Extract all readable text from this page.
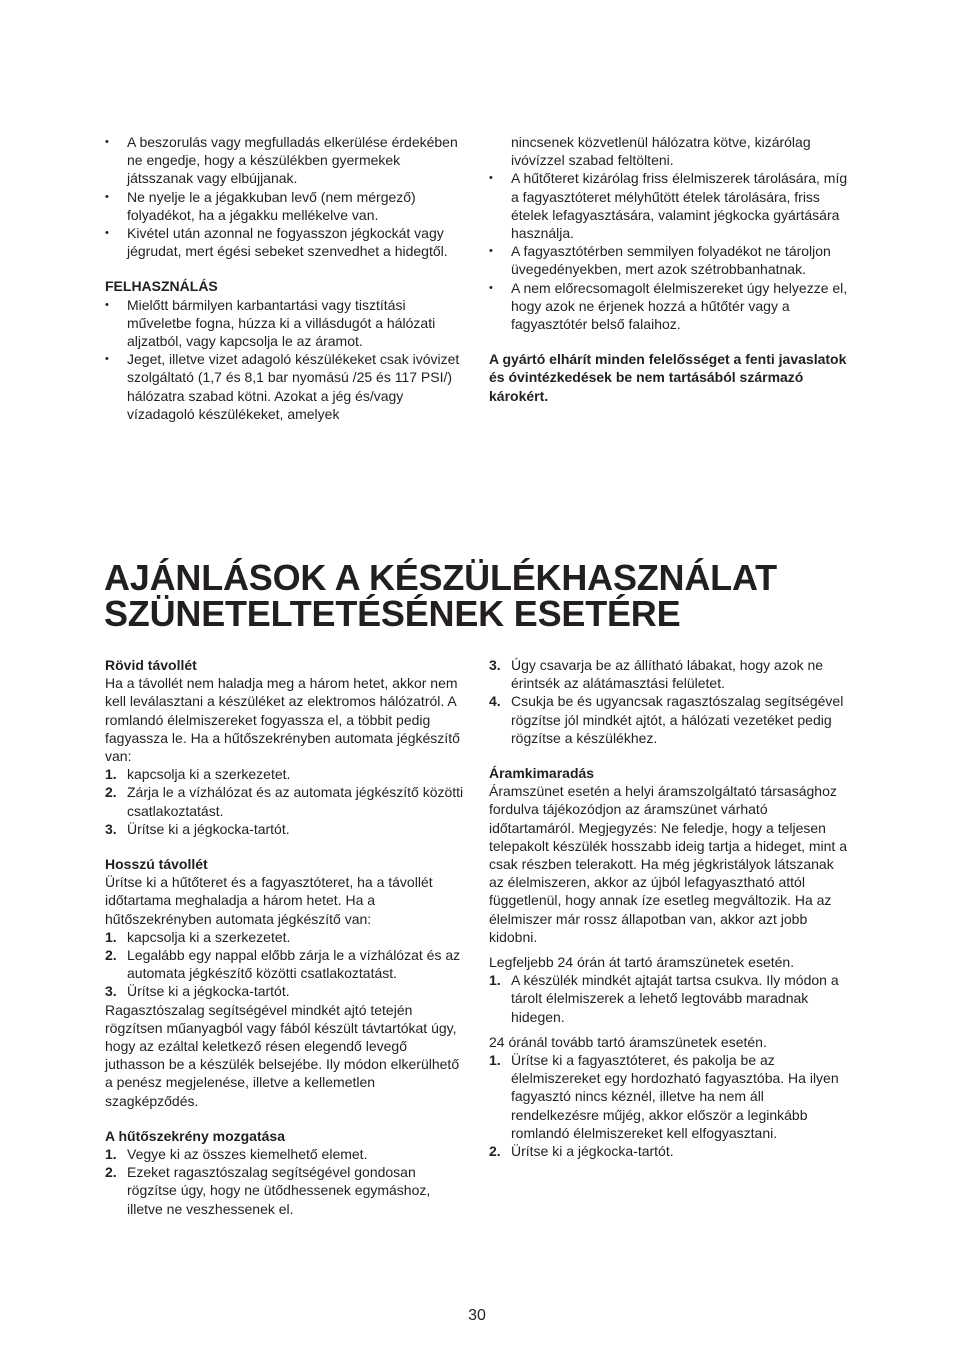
• A beszorulás vagy megfulladás elkerülése érdekében ne engedje, hogy a készülékben gyermekek játsszanak vagy elbújjanak.
• Ne nyelje le a jégakkuban levő (nem mérgező) folyadékot, ha a jégakku mellékelve van.
• Kivétel után azonnal ne fogyasszon jégkockát vagy jégrudat, mert égési sebeket szenvedhet a hidegtől.

FELHASZNÁLÁS

• Mielőtt bármilyen karbantartási vagy tisztítási műveletbe fogna, húzza ki a villásdugót a hálózati aljzatból, vagy kapcsolja le az áramot.
• Jeget, illetve vizet adagoló készülékeket csak ivóvizet szolgáltató (1,7 és 8,1 bar nyomású /25 és 117 PSI/) hálózatra szabad kötni. Azokat a jég és/vagy vízadagoló készülékeket, amelyek
nincsenek közvetlenül hálózatra kötve, kizárólag ivóvízzel szabad feltölteni.
• A hűtőteret kizárólag friss élelmiszerek tárolására, míg a fagyasztóteret mélyhűtött ételek tárolására, friss ételek lefagyasztására, valamint jégkocka gyártására használja.
• A fagyasztótérben semmilyen folyadékot ne tároljon üvegedényekben, mert azok szétrobbanhatnak.
• A nem előrecsomagolt élelmiszereket úgy helyezze el, hogy azok ne érjenek hozzá a hűtőtér vagy a fagyasztótér belső falaihoz.

A gyártó elhárít minden felelősséget a fenti javaslatok és óvintézkedések be nem tartásából származó károkért.

AJÁNLÁSOK A KÉSZÜLÉKHASZNÁLAT
SZÜNETELTETÉSÉNEK ESETÉRE

Rövid távollét

Ha a távollét nem haladja meg a három hetet, akkor nem kell leválasztani a készüléket az elektromos hálózatról. A romlandó élelmiszereket fogyassza el, a többit pedig fagyassza le. Ha a hűtőszekrényben automata jégkészítő van:

1. kapcsolja ki a szerkezetet.
2. Zárja le a vízhálózat és az automata jégkészítő közötti csatlakoztatást.
3. Ürítse ki a jégkocka-tartót.

Hosszú távollét

Ürítse ki a hűtőteret és a fagyasztóteret, ha a távollét időtartama meghaladja a három hetet. Ha a hűtőszekrényben automata jégkészítő van:

1. kapcsolja ki a szerkezetet.
2. Legalább egy nappal előbb zárja le a vízhálózat és az automata jégkészítő közötti csatlakoztatást.
3. Ürítse ki a jégkocka-tartót.

Ragasztószalag segítségével mindkét ajtó tetején rögzítsen műanyagból vagy fából készült távtartókat úgy, hogy az ezáltal keletkező résen elegendő levegő juthasson be a készülék belsejébe. Ily módon elkerülhető a penész megjelenése, illetve a kellemetlen szagképződés.

A hűtőszekrény mozgatása

1. Vegye ki az összes kiemelhető elemet.
2. Ezeket ragasztószalag segítségével gondosan rögzítse úgy, hogy ne ütődhessenek egymáshoz, illetve ne veszhessenek el.
3. Úgy csavarja be az állítható lábakat, hogy azok ne érintsék az alátámasztási felületet.
4. Csukja be és ugyancsak ragasztószalag segítségével rögzítse jól mindkét ajtót, a hálózati vezetéket pedig rögzítse a készülékhez.

Áramkimaradás

Áramszünet esetén a helyi áramszolgáltató társasághoz fordulva tájékozódjon az áramszünet várható időtartamáról. Megjegyzés: Ne feledje, hogy a teljesen telepakolt készülék hosszabb ideig tartja a hideget, mint a csak részben telerakott. Ha még jégkristályok látszanak az élelmiszeren, akkor az újból lefagyasztható attól függetlenül, hogy annak íze esetleg megváltozik. Ha az élelmiszer már rossz állapotban van, akkor azt jobb kidobni.

Legfeljebb 24 órán át tartó áramszünetek esetén.

1. A készülék mindkét ajtaját tartsa csukva. Ily módon a tárolt élelmiszerek a lehető legtovább maradnak hidegen.

24 óránál tovább tartó áramszünetek esetén.

1. Ürítse ki a fagyasztóteret, és pakolja be az élelmiszereket egy hordozható fagyasztóba. Ha ilyen fagyasztó nincs kéznél, illetve ha nem áll rendelkezésre műjég, akkor először a leginkább romlandó élelmiszereket kell elfogyasztani.
2. Ürítse ki a jégkocka-tartót.
30
